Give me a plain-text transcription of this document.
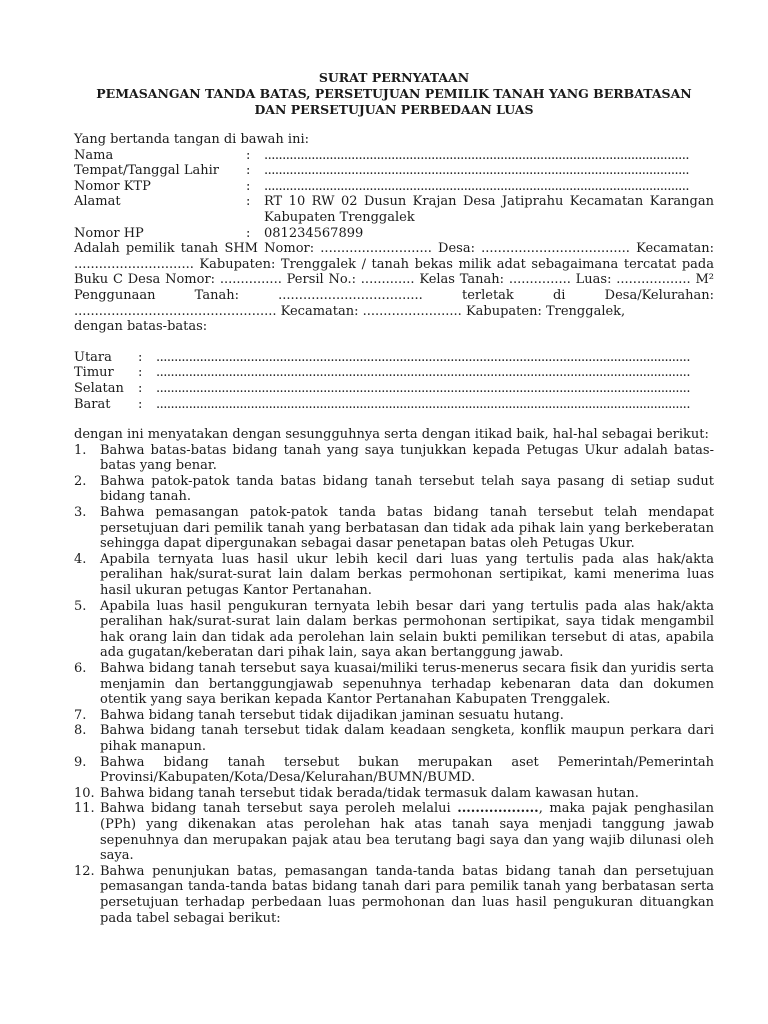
SURAT PERNYATAAN

PEMASANGAN TANDA BATAS, PERSETUJUAN PEMILIK TANAH YANG BERBATASAN

DAN PERSETUJUAN PERBEDAAN LUAS

Yang bertanda tangan di bawah ini:
Nama	:	.....................................................................................................................
Tempat/Tanggal Lahir	:	.....................................................................................................................
Nomor KTP	:	.....................................................................................................................
Alamat	:	RT 10 RW 02 Dusun Krajan Desa Jatiprahu Kecamatan Karangan Kabupaten Trenggalek
Nomor HP	:	081234567899

Adalah pemilik tanah SHM Nomor: ........................... Desa: .................................... Kecamatan:

............................. Kabupaten: Trenggalek / tanah bekas milik adat sebagaimana tercatat pada

Buku C Desa Nomor: ............... Persil No.: ............. Kelas Tanah: ............... Luas: .................. M²

Penggunaan Tanah: ................................... terletak di Desa/Kelurahan:

................................................. Kecamatan: ........................ Kabupaten: Trenggalek,

dengan batas-batas:

Utara	:	...................................................................................................................................................
Timur	:	...................................................................................................................................................
Selatan	:	...................................................................................................................................................
Barat	:	...................................................................................................................................................

dengan ini menyatakan dengan sesungguhnya serta dengan itikad baik, hal-hal sebagai berikut:

1.	Bahwa batas-batas bidang tanah yang saya tunjukkan kepada Petugas Ukur adalah batas-batas yang benar.
2.	Bahwa patok-patok tanda batas bidang tanah tersebut telah saya pasang di setiap sudut bidang tanah.
3.	Bahwa pemasangan patok-patok tanda batas bidang tanah tersebut telah mendapat persetujuan dari pemilik tanah yang berbatasan dan tidak ada pihak lain yang berkeberatan sehingga dapat dipergunakan sebagai dasar penetapan batas oleh Petugas Ukur.
4.	Apabila ternyata luas hasil ukur lebih kecil dari luas yang tertulis pada alas hak/akta peralihan hak/surat-surat lain dalam berkas permohonan sertipikat, kami menerima luas hasil ukuran petugas Kantor Pertanahan.
5.	Apabila luas hasil pengukuran ternyata lebih besar dari yang tertulis pada alas hak/akta peralihan hak/surat-surat lain dalam berkas permohonan sertipikat, saya tidak mengambil hak orang lain dan tidak ada perolehan lain selain bukti pemilikan tersebut di atas, apabila ada gugatan/keberatan dari pihak lain, saya akan bertanggung jawab.
6.	Bahwa bidang tanah tersebut saya kuasai/miliki terus-menerus secara fisik dan yuridis serta menjamin dan bertanggungjawab sepenuhnya terhadap kebenaran data dan dokumen otentik yang saya berikan kepada Kantor Pertanahan Kabupaten Trenggalek.
7.	Bahwa bidang tanah tersebut tidak dijadikan jaminan sesuatu hutang.
8.	Bahwa bidang tanah tersebut tidak dalam keadaan sengketa, konflik maupun perkara dari pihak manapun.
9.	Bahwa bidang tanah tersebut bukan merupakan aset Pemerintah/Pemerintah Provinsi/Kabupaten/Kota/Desa/Kelurahan/BUMN/BUMD.
10. Bahwa bidang tanah tersebut tidak berada/tidak termasuk dalam kawasan hutan.
11. Bahwa bidang tanah tersebut saya peroleh melalui .................., maka pajak penghasilan (PPh) yang dikenakan atas perolehan hak atas tanah saya menjadi tanggung jawab sepenuhnya dan merupakan pajak atau bea terutang bagi saya dan yang wajib dilunasi oleh saya.
12. Bahwa penunjukan batas, pemasangan tanda-tanda batas bidang tanah dan persetujuan pemasangan tanda-tanda batas bidang tanah dari para pemilik tanah yang berbatasan serta persetujuan terhadap perbedaan luas permohonan dan luas hasil pengukuran dituangkan pada tabel sebagai berikut:
